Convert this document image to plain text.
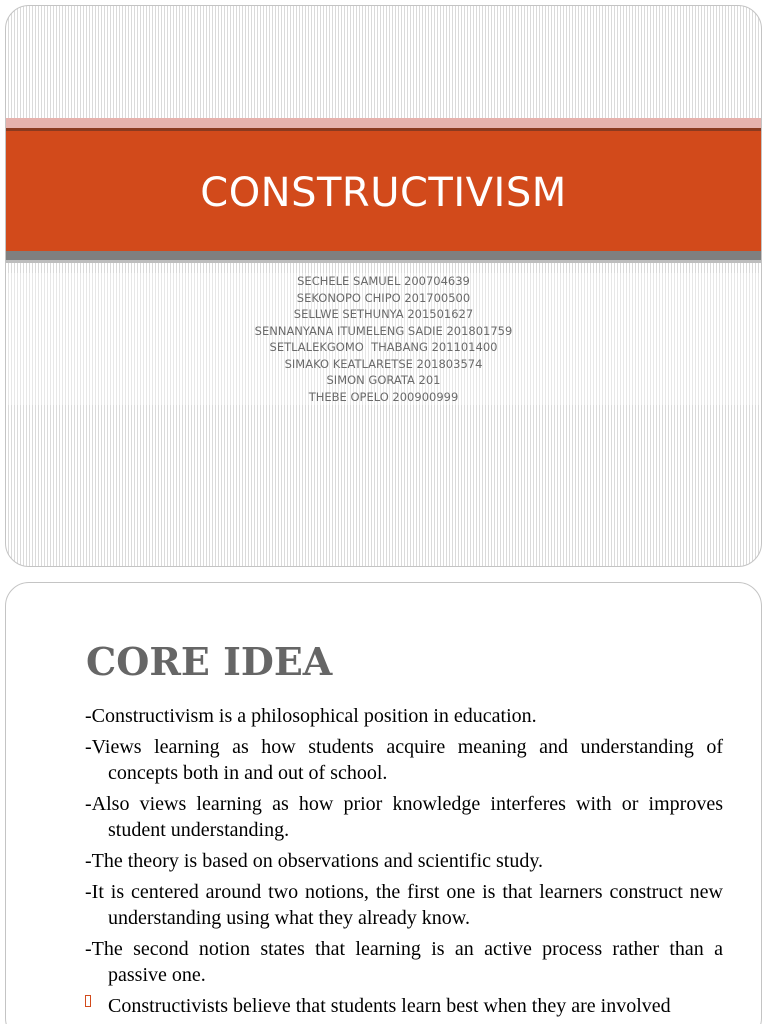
CONSTRUCTIVISM
SECHELE SAMUEL 200704639
SEKONOPO CHIPO 201700500
SELLWE SETHUNYA 201501627
SENNANYANA ITUMELENG SADIE 201801759
SETLALEKGOMO  THABANG 201101400
SIMAKO KEATLARETSE 201803574
SIMON GORATA 201
THEBE OPELO 200900999
CORE IDEA
-Constructivism is a philosophical position in education.
-Views learning as how students acquire meaning and understanding of concepts both in and out of school.
-Also views learning as how prior knowledge interferes with or improves student understanding.
-The theory is based on observations and scientific study.
-It is centered around two notions, the first one is that learners construct new understanding using what they already know.
-The second notion states that learning is an active process rather than a passive one.
Constructivists believe that students learn best when they are involved
